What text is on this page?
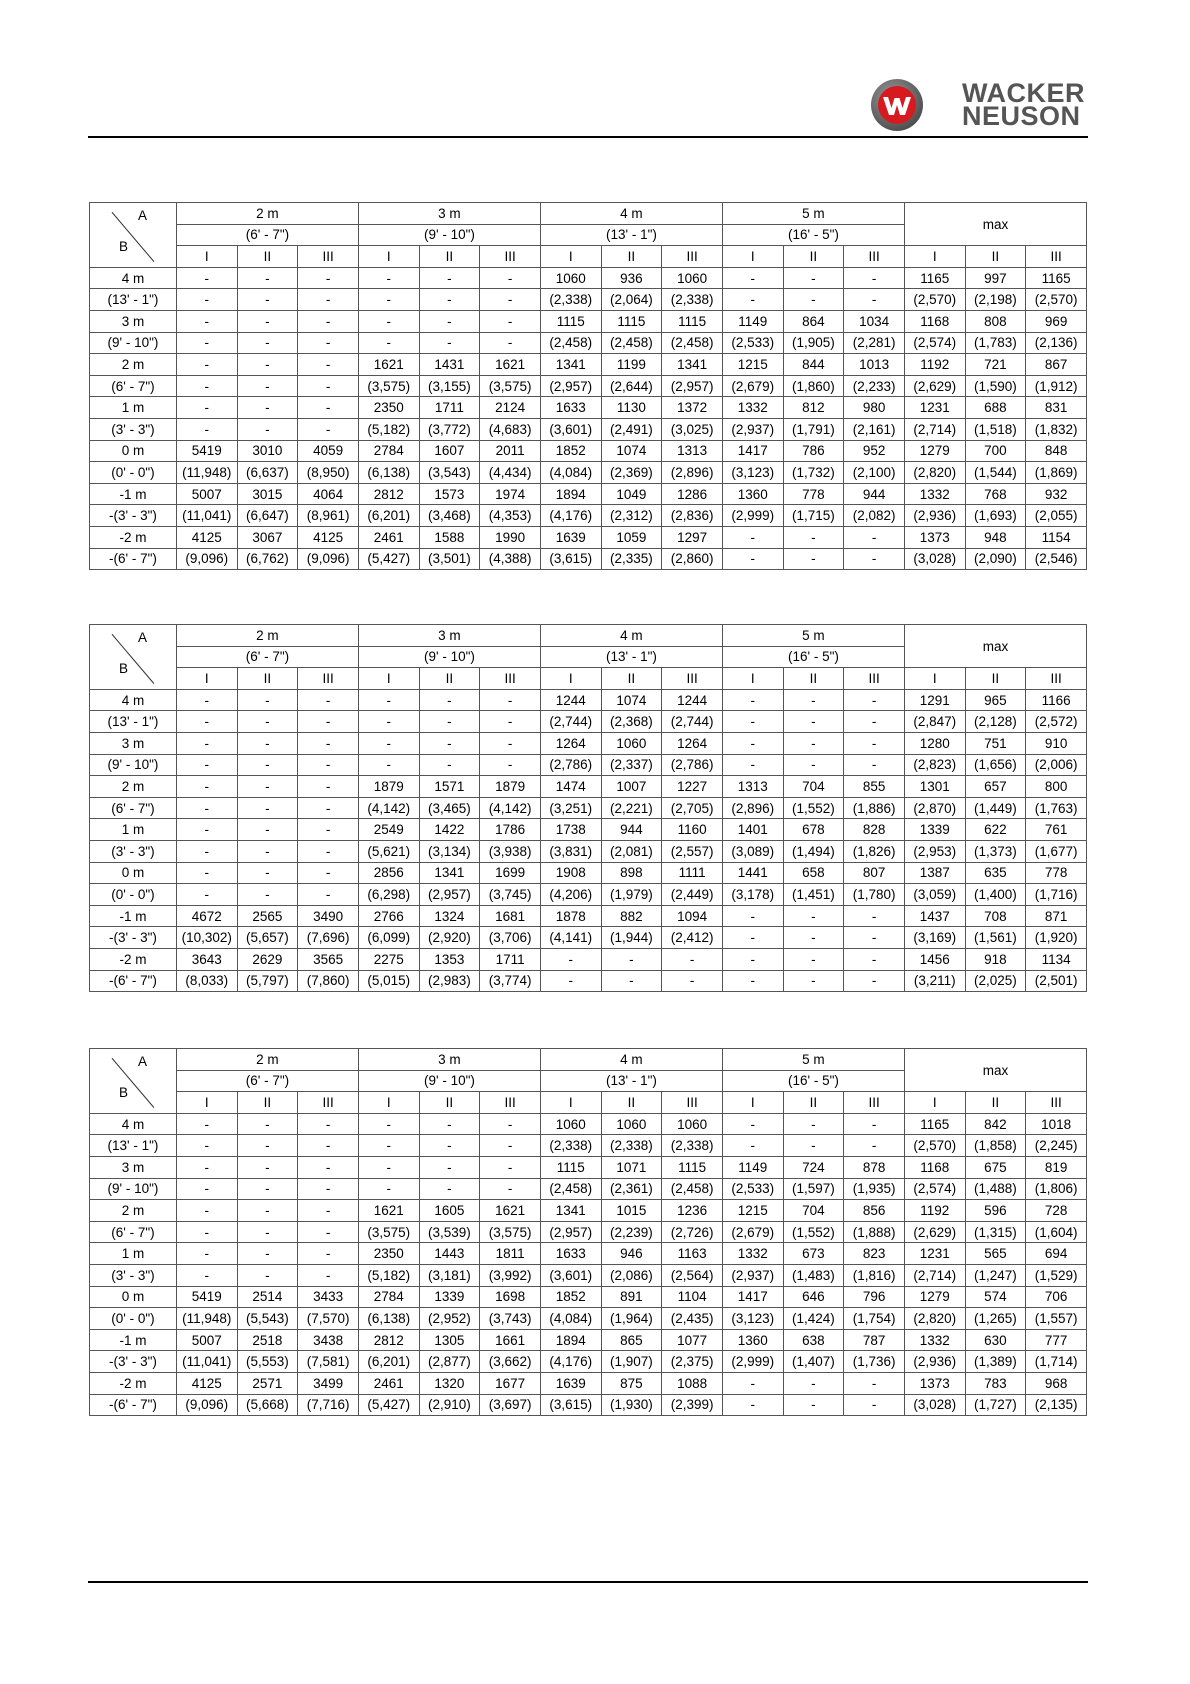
WACKER
NEUSON
A
B	2 m			3 m			4 m			5 m			max		
	(6' - 7")			(9' - 10")			(13' - 1")			(16' - 5")					
	I	II	III	I	II	III	I	II	III	I	II	III	I	II	III
4 m	-	-	-	-	-	-	1060	936	1060	-	-	-	1165	997	1165
(13' - 1")	-	-	-	-	-	-	(2,338)	(2,064)	(2,338)	-	-	-	(2,570)	(2,198)	(2,570)
3 m	-	-	-	-	-	-	1115	1115	1115	1149	864	1034	1168	808	969
(9' - 10")	-	-	-	-	-	-	(2,458)	(2,458)	(2,458)	(2,533)	(1,905)	(2,281)	(2,574)	(1,783)	(2,136)
2 m	-	-	-	1621	1431	1621	1341	1199	1341	1215	844	1013	1192	721	867
(6' - 7")	-	-	-	(3,575)	(3,155)	(3,575)	(2,957)	(2,644)	(2,957)	(2,679)	(1,860)	(2,233)	(2,629)	(1,590)	(1,912)
1 m	-	-	-	2350	1711	2124	1633	1130	1372	1332	812	980	1231	688	831
(3' - 3")	-	-	-	(5,182)	(3,772)	(4,683)	(3,601)	(2,491)	(3,025)	(2,937)	(1,791)	(2,161)	(2,714)	(1,518)	(1,832)
0 m	5419	3010	4059	2784	1607	2011	1852	1074	1313	1417	786	952	1279	700	848
(0' - 0")	(11,948)	(6,637)	(8,950)	(6,138)	(3,543)	(4,434)	(4,084)	(2,369)	(2,896)	(3,123)	(1,732)	(2,100)	(2,820)	(1,544)	(1,869)
-1 m	5007	3015	4064	2812	1573	1974	1894	1049	1286	1360	778	944	1332	768	932
-(3' - 3")	(11,041)	(6,647)	(8,961)	(6,201)	(3,468)	(4,353)	(4,176)	(2,312)	(2,836)	(2,999)	(1,715)	(2,082)	(2,936)	(1,693)	(2,055)
-2 m	4125	3067	4125	2461	1588	1990	1639	1059	1297	-	-	-	1373	948	1154
-(6' - 7")	(9,096)	(6,762)	(9,096)	(5,427)	(3,501)	(4,388)	(3,615)	(2,335)	(2,860)	-	-	-	(3,028)	(2,090)	(2,546)
A
B	2 m			3 m			4 m			5 m			max		
	(6' - 7")			(9' - 10")			(13' - 1")			(16' - 5")					
	I	II	III	I	II	III	I	II	III	I	II	III	I	II	III
4 m	-	-	-	-	-	-	1244	1074	1244	-	-	-	1291	965	1166
(13' - 1")	-	-	-	-	-	-	(2,744)	(2,368)	(2,744)	-	-	-	(2,847)	(2,128)	(2,572)
3 m	-	-	-	-	-	-	1264	1060	1264	-	-	-	1280	751	910
(9' - 10")	-	-	-	-	-	-	(2,786)	(2,337)	(2,786)	-	-	-	(2,823)	(1,656)	(2,006)
2 m	-	-	-	1879	1571	1879	1474	1007	1227	1313	704	855	1301	657	800
(6' - 7")	-	-	-	(4,142)	(3,465)	(4,142)	(3,251)	(2,221)	(2,705)	(2,896)	(1,552)	(1,886)	(2,870)	(1,449)	(1,763)
1 m	-	-	-	2549	1422	1786	1738	944	1160	1401	678	828	1339	622	761
(3' - 3")	-	-	-	(5,621)	(3,134)	(3,938)	(3,831)	(2,081)	(2,557)	(3,089)	(1,494)	(1,826)	(2,953)	(1,373)	(1,677)
0 m	-	-	-	2856	1341	1699	1908	898	1111	1441	658	807	1387	635	778
(0' - 0")	-	-	-	(6,298)	(2,957)	(3,745)	(4,206)	(1,979)	(2,449)	(3,178)	(1,451)	(1,780)	(3,059)	(1,400)	(1,716)
-1 m	4672	2565	3490	2766	1324	1681	1878	882	1094	-	-	-	1437	708	871
-(3' - 3")	(10,302)	(5,657)	(7,696)	(6,099)	(2,920)	(3,706)	(4,141)	(1,944)	(2,412)	-	-	-	(3,169)	(1,561)	(1,920)
-2 m	3643	2629	3565	2275	1353	1711	-	-	-	-	-	-	1456	918	1134
-(6' - 7")	(8,033)	(5,797)	(7,860)	(5,015)	(2,983)	(3,774)	-	-	-	-	-	-	(3,211)	(2,025)	(2,501)
A
B	2 m			3 m			4 m			5 m			max		
	(6' - 7")			(9' - 10")			(13' - 1")			(16' - 5")					
	I	II	III	I	II	III	I	II	III	I	II	III	I	II	III
4 m	-	-	-	-	-	-	1060	1060	1060	-	-	-	1165	842	1018
(13' - 1")	-	-	-	-	-	-	(2,338)	(2,338)	(2,338)	-	-	-	(2,570)	(1,858)	(2,245)
3 m	-	-	-	-	-	-	1115	1071	1115	1149	724	878	1168	675	819
(9' - 10")	-	-	-	-	-	-	(2,458)	(2,361)	(2,458)	(2,533)	(1,597)	(1,935)	(2,574)	(1,488)	(1,806)
2 m	-	-	-	1621	1605	1621	1341	1015	1236	1215	704	856	1192	596	728
(6' - 7")	-	-	-	(3,575)	(3,539)	(3,575)	(2,957)	(2,239)	(2,726)	(2,679)	(1,552)	(1,888)	(2,629)	(1,315)	(1,604)
1 m	-	-	-	2350	1443	1811	1633	946	1163	1332	673	823	1231	565	694
(3' - 3")	-	-	-	(5,182)	(3,181)	(3,992)	(3,601)	(2,086)	(2,564)	(2,937)	(1,483)	(1,816)	(2,714)	(1,247)	(1,529)
0 m	5419	2514	3433	2784	1339	1698	1852	891	1104	1417	646	796	1279	574	706
(0' - 0")	(11,948)	(5,543)	(7,570)	(6,138)	(2,952)	(3,743)	(4,084)	(1,964)	(2,435)	(3,123)	(1,424)	(1,754)	(2,820)	(1,265)	(1,557)
-1 m	5007	2518	3438	2812	1305	1661	1894	865	1077	1360	638	787	1332	630	777
-(3' - 3")	(11,041)	(5,553)	(7,581)	(6,201)	(2,877)	(3,662)	(4,176)	(1,907)	(2,375)	(2,999)	(1,407)	(1,736)	(2,936)	(1,389)	(1,714)
-2 m	4125	2571	3499	2461	1320	1677	1639	875	1088	-	-	-	1373	783	968
-(6' - 7")	(9,096)	(5,668)	(7,716)	(5,427)	(2,910)	(3,697)	(3,615)	(1,930)	(2,399)	-	-	-	(3,028)	(1,727)	(2,135)
